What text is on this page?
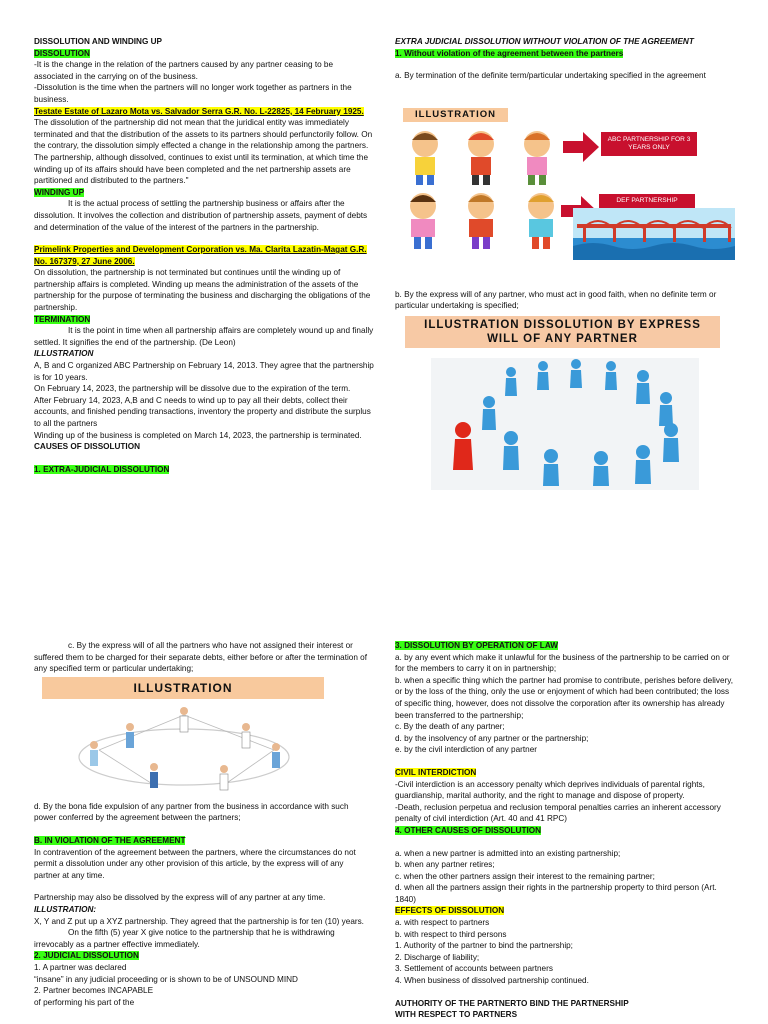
DISSOLUTION AND WINDING UP

DISSOLUTION

-It is the change in the relation of the partners caused by any partner ceasing to be associated in the carrying on of the business.

-Dissolution is the time when the partners will no longer work together as partners in the business.

Testate Estate of Lazaro Mota vs. Salvador Serra G.R. No. L-22825, 14 February 1925.

The dissolution of the partnership did not mean that the juridical entity was immediately terminated and that the distribution of the assets to its partners should perfunctorily follow. On the contrary, the dissolution simply effected a change in the relationship among the partners. The partnership, although dissolved, continues to exist until its termination, at which time the winding up of its affairs should have been completed and the net partnership assets are partitioned and distributed to the partners."

WINDING UP

It is the actual process of settling the partnership business or affairs after the dissolution. It involves the collection and distribution of partnership assets, payment of debts and determination of the value of the interest of the partners in the partnership.

Primelink Properties and Development Corporation vs. Ma. Clarita Lazatin-Magat G.R. No. 167379, 27 June 2006.

On dissolution, the partnership is not terminated but continues until the winding up of partnership affairs is completed. Winding up means the administration of the assets of the partnership for the purpose of terminating the business and discharging the obligations of the partnership.

TERMINATION

It is the point in time when all partnership affairs are completely wound up and finally settled. It signifies the end of the partnership. (De Leon)

ILLUSTRATION

A, B and C organized ABC Partnership on February 14, 2013. They agree that the partnership is for 10 years.

On February 14, 2023, the partnership will be dissolve due to the expiration of the term.

After February 14, 2023, A,B and C needs to wind up to pay all their debts, collect their accounts, and finished pending transactions, inventory the property and distribute the surplus to all the partners

Winding up of the business is completed on March 14, 2023, the partnership is terminated.

CAUSES OF DISSOLUTION

1. EXTRA-JUDICIAL DISSOLUTION

EXTRA JUDICIAL DISSOLUTION WITHOUT VIOLATION OF THE AGREEMENT

1. Without violation of the agreement between the partners

a. By termination of the definite term/particular undertaking specified in the agreement

ILLUSTRATION
ABC PARTNERSHIP FOR 3 YEARS ONLY
DEF PARTNERSHIP

b. By the express will of any partner, who must act in good faith, when no definite term or particular undertaking is specified;

ILLUSTRATION DISSOLUTION BY EXPRESS WILL OF ANY PARTNER

c. By the express will of all the partners who have not assigned their interest or suffered them to be charged for their separate debts, either before or after the termination of any specified term or particular undertaking;

ILLUSTRATION

d. By the bona fide expulsion of any partner from the business in accordance with such power conferred by the agreement between the partners;

B. IN VIOLATION OF THE AGREEMENT

In contravention of the agreement between the partners, where the circumstances do not permit a dissolution under any other provision of this article, by the express will of any partner at any time.

Partnership may also be dissolved by the express will of any partner at any time.

ILLUSTRATION:

X, Y and Z put up a XYZ partnership. They agreed that the partnership is for ten (10) years.

On the fifth (5) year X give notice to the partnership that he is withdrawing irrevocably as a partner effective immediately.

2. JUDICIAL DISSOLUTION

1. A partner was declared

“insane” in any judicial proceeding or is shown to be of UNSOUND MIND

2. Partner becomes INCAPABLE

of performing his part of the

3. DISSOLUTION BY OPERATION OF LAW

a. by any event which make it unlawful for the business of the partnership to be carried on or for the members to carry it on in partnership;

b. when a specific thing which the partner had promise to contribute, perishes before delivery, or by the loss of the thing, only the use or enjoyment of which had been contributed; the loss of specific thing, however, does not dissolve the corporation after its ownership has already been transferred to the partnership;

c. By the death of any partner;

d. by the insolvency of any partner or the partnership;

e. by the civil interdiction of any partner

CIVIL INTERDICTION

-Civil interdiction is an accessory penalty which deprives individuals of parental rights, guardianship, marital authority, and the right to manage and dispose of property.

-Death, reclusion perpetua and reclusion temporal penalties carries an inherent accessory penalty of civil interdiction (Art. 40 and 41 RPC)

4. OTHER CAUSES OF DISSOLUTION

a. when a new partner is admitted into an existing partnership;

b. when any partner retires;

c. when the other partners assign their interest to the remaining partner;

d. when all the partners assign their rights in the partnership property to third person (Art. 1840)

EFFECTS OF DISSOLUTION

a. with respect to partners

b. with respect to third persons

1. Authority of the partner to bind the partnership;

2. Discharge of liability;

3. Settlement of accounts between partners

4. When business of dissolved partnership continued.

AUTHORITY OF THE PARTNERTO BIND THE PARTNERSHIP

WITH RESPECT TO PARTNERS
